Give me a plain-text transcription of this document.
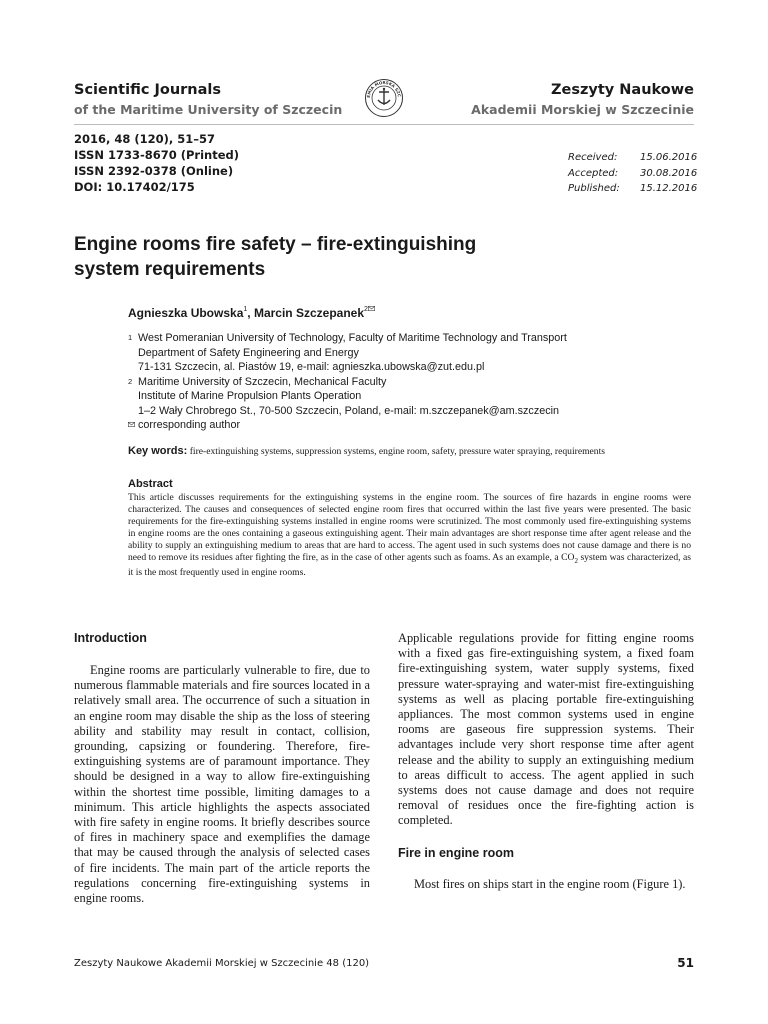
Scientific Journals
of the Maritime University of Szczecin
EMIA MORSKA SZC	Zeszyty Naukowe
Akademii Morskiej w Szczecinie
2016, 48 (120), 51–57
ISSN 1733-8670 (Printed)
ISSN 2392-0378 (Online)
DOI: 10.17402/175
Received:	15.06.2016
Accepted:	30.08.2016
Published:	15.12.2016
Engine rooms fire safety – fire-extinguishing
system requirements
Agnieszka Ubowska$^1$, Marcin Szczepanek$^2$
1 West Pomeranian University of Technology, Faculty of Maritime Technology and Transport
Department of Safety Engineering and Energy
71-131 Szczecin, al. Piastów 19, e-mail: agnieszka.ubowska@zut.edu.pl
2 Maritime University of Szczecin, Mechanical Faculty
Institute of Marine Propulsion Plants Operation
1–2 Wały Chrobrego St., 70-500 Szczecin, Poland, e-mail: m.szczepanek@am.szczecin
corresponding author
Key words: fire-extinguishing systems, suppression systems, engine room, safety, pressure water spraying, requirements
Abstract
This article discusses requirements for the extinguishing systems in the engine room. The sources of fire hazards in engine rooms were characterized. The causes and consequences of selected engine room fires that occurred within the last five years were presented. The basic requirements for the fire-extinguishing systems installed in engine rooms were scrutinized. The most commonly used fire-extinguishing systems in engine rooms are the ones containing a gaseous extinguishing agent. Their main advantages are short response time after agent release and the ability to supply an extinguishing medium to areas that are hard to access. The agent used in such systems does not cause damage and there is no need to remove its residues after fighting the fire, as in the case of other agents such as foams. As an example, a $CO_2$ system was characterized, as it is the most frequently used in engine rooms.

Introduction

Engine rooms are particularly vulnerable to fire, due to numerous flammable materials and fire sources located in a relatively small area. The occurrence of such a situation in an engine room may disable the ship as the loss of steering ability and stability may result in contact, collision, grounding, capsizing or foundering. Therefore, fire-extinguishing systems are of paramount importance. They should be designed in a way to allow fire-extinguishing within the shortest time possible, limiting damages to a minimum. This article highlights the aspects associated with fire safety in engine rooms. It briefly describes source of fires in machinery space and exemplifies the damage that may be caused through the analysis of selected cases of fire incidents. The main part of the article reports the regulations concerning fire-extinguishing systems in engine rooms.

Applicable regulations provide for fitting engine rooms with a fixed gas fire-extinguishing system, a fixed foam fire-extinguishing system, water supply systems, fixed pressure water-spraying and water-mist fire-extinguishing systems as well as placing portable fire-extinguishing appliances. The most common systems used in engine rooms are gaseous fire suppression systems. Their advantages include very short response time after agent release and the ability to supply an extinguishing medium to areas difficult to access. The agent applied in such systems does not cause damage and does not require removal of residues once the fire-fighting action is completed.

Fire in engine room

Most fires on ships start in the engine room (Figure 1).

Zeszyty Naukowe Akademii Morskiej w Szczecinie 48 (120)	51
